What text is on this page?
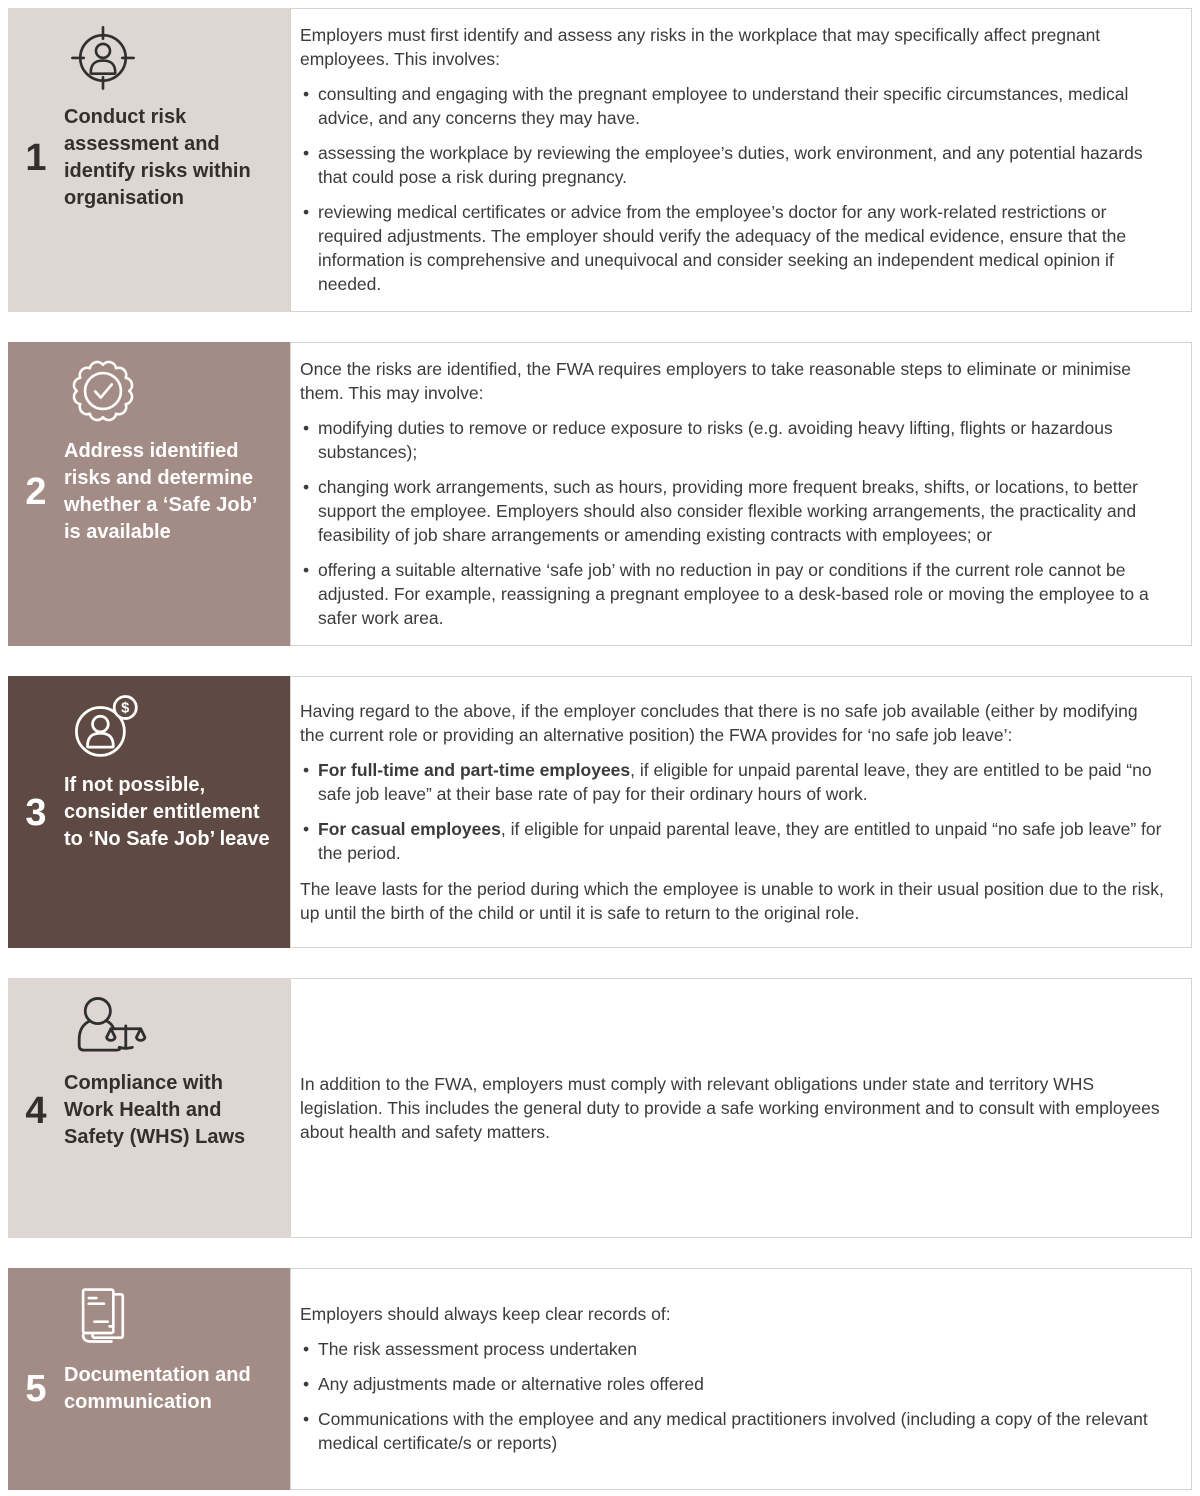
1
Conduct risk assessment and identify risks within organisation

Employers must first identify and assess any risks in the workplace that may specifically affect pregnant employees. This involves:

• consulting and engaging with the pregnant employee to understand their specific circumstances, medical advice, and any concerns they may have.
• assessing the workplace by reviewing the employee’s duties, work environment, and any potential hazards that could pose a risk during pregnancy.
• reviewing medical certificates or advice from the employee’s doctor for any work-related restrictions or required adjustments. The employer should verify the adequacy of the medical evidence, ensure that the information is comprehensive and unequivocal and consider seeking an independent medical opinion if needed.
2
Address identified risks and determine whether a ‘Safe Job’ is available

Once the risks are identified, the FWA requires employers to take reasonable steps to eliminate or minimise them. This may involve:

• modifying duties to remove or reduce exposure to risks (e.g. avoiding heavy lifting, flights or hazardous substances);
• changing work arrangements, such as hours, providing more frequent breaks, shifts, or locations, to better support the employee. Employers should also consider flexible working arrangements, the practicality and feasibility of job share arrangements or amending existing contracts with employees; or
• offering a suitable alternative ‘safe job’ with no reduction in pay or conditions if the current role cannot be adjusted. For example, reassigning a pregnant employee to a desk-based role or moving the employee to a safer work area.
$
3
If not possible, consider entitlement to ‘No Safe Job’ leave

Having regard to the above, if the employer concludes that there is no safe job available (either by modifying the current role or providing an alternative position) the FWA provides for ‘no safe job leave’:

• For full-time and part-time employees, if eligible for unpaid parental leave, they are entitled to be paid “no safe job leave” at their base rate of pay for their ordinary hours of work.
• For casual employees, if eligible for unpaid parental leave, they are entitled to unpaid “no safe job leave” for the period.

The leave lasts for the period during which the employee is unable to work in their usual position due to the risk, up until the birth of the child or until it is safe to return to the original role.

4
Compliance with Work Health and Safety (WHS) Laws

In addition to the FWA, employers must comply with relevant obligations under state and territory WHS legislation. This includes the general duty to provide a safe working environment and to consult with employees about health and safety matters.

5 Documentation and communication

Employers should always keep clear records of:

• The risk assessment process undertaken
• Any adjustments made or alternative roles offered
• Communications with the employee and any medical practitioners involved (including a copy of the relevant medical certificate/s or reports)
